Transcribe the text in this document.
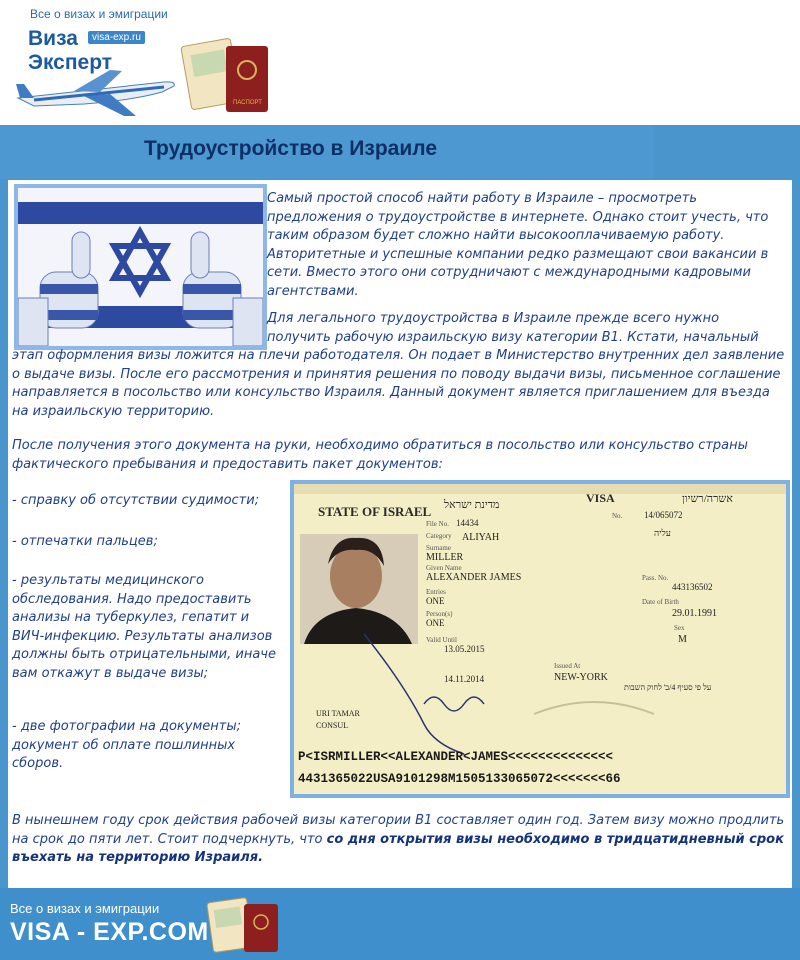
Все о визах и эмиграции
ПАСПОРТ
Виза
Эксперт
visa-exp.ru
Трудоустройство в Израиле

Самый простой способ найти работу в Израиле – просмотреть предложения о трудоустройстве в интернете. Однако стоит учесть, что таким образом будет сложно найти высокооплачиваемую работу. Авторитетные и успешные компании редко размещают свои вакансии в сети. Вместо этого они сотрудничают с международными кадровыми агентствами.

Для легального трудоустройства в Израиле прежде всего нужно получить рабочую израильскую визу категории B1. Кстати, начальный

этап оформления визы ложится на плечи работодателя. Он подает в Министерство внутренних дел заявление о выдаче визы. После его рассмотрения и принятия решения по поводу выдачи визы, письменное соглашение направляется в посольство или консульство Израиля. Данный документ является приглашением для въезда на израильскую территорию.

После получения этого документа на руки, необходимо обратиться в посольство или консульство страны фактического пребывания и предоставить пакет документов:

- справку об отсутствии судимости;

- отпечатки пальцев;

- результаты медицинского обследования. Надо предоставить анализы на туберкулез, гепатит и ВИЧ-инфекцию. Результаты анализов должны быть отрицательными, иначе вам откажут в выдаче визы;

- две фотографии на документы; документ об оплате пошлинных сборов.

STATE OF ISRAEL מדינת ישראל	VISA	אשרה/רשיון
File No. 14434
No. 14/065072
Category ALIYAH	עליה
Surname
MILLER
Given Name
ALEXANDER JAMES
Entries
ONE
Person(s)
ONE
Pass. No.
443136502
Date of Birth
29.01.1991
Sex
M
Valid Until
13.05.2015
Issued At
NEW-YORK
14.11.2014
על פי סעיף 4/ב' לחוק השבות
URI TAMAR
CONSUL
P<ISRMILLER<<ALEXANDER<JAMES<<<<<<<<<<<<<<
4431365022USA9101298M1505133065072<<<<<<<66

В нынешнем году срок действия рабочей визы категории B1 составляет один год. Затем визу можно продлить на срок до пяти лет. Стоит подчеркнуть, что со дня открытия визы необходимо в тридцатидневный срок въехать на территорию Израиля.

Все о визах и эмиграции
VISA - EXP.COM
